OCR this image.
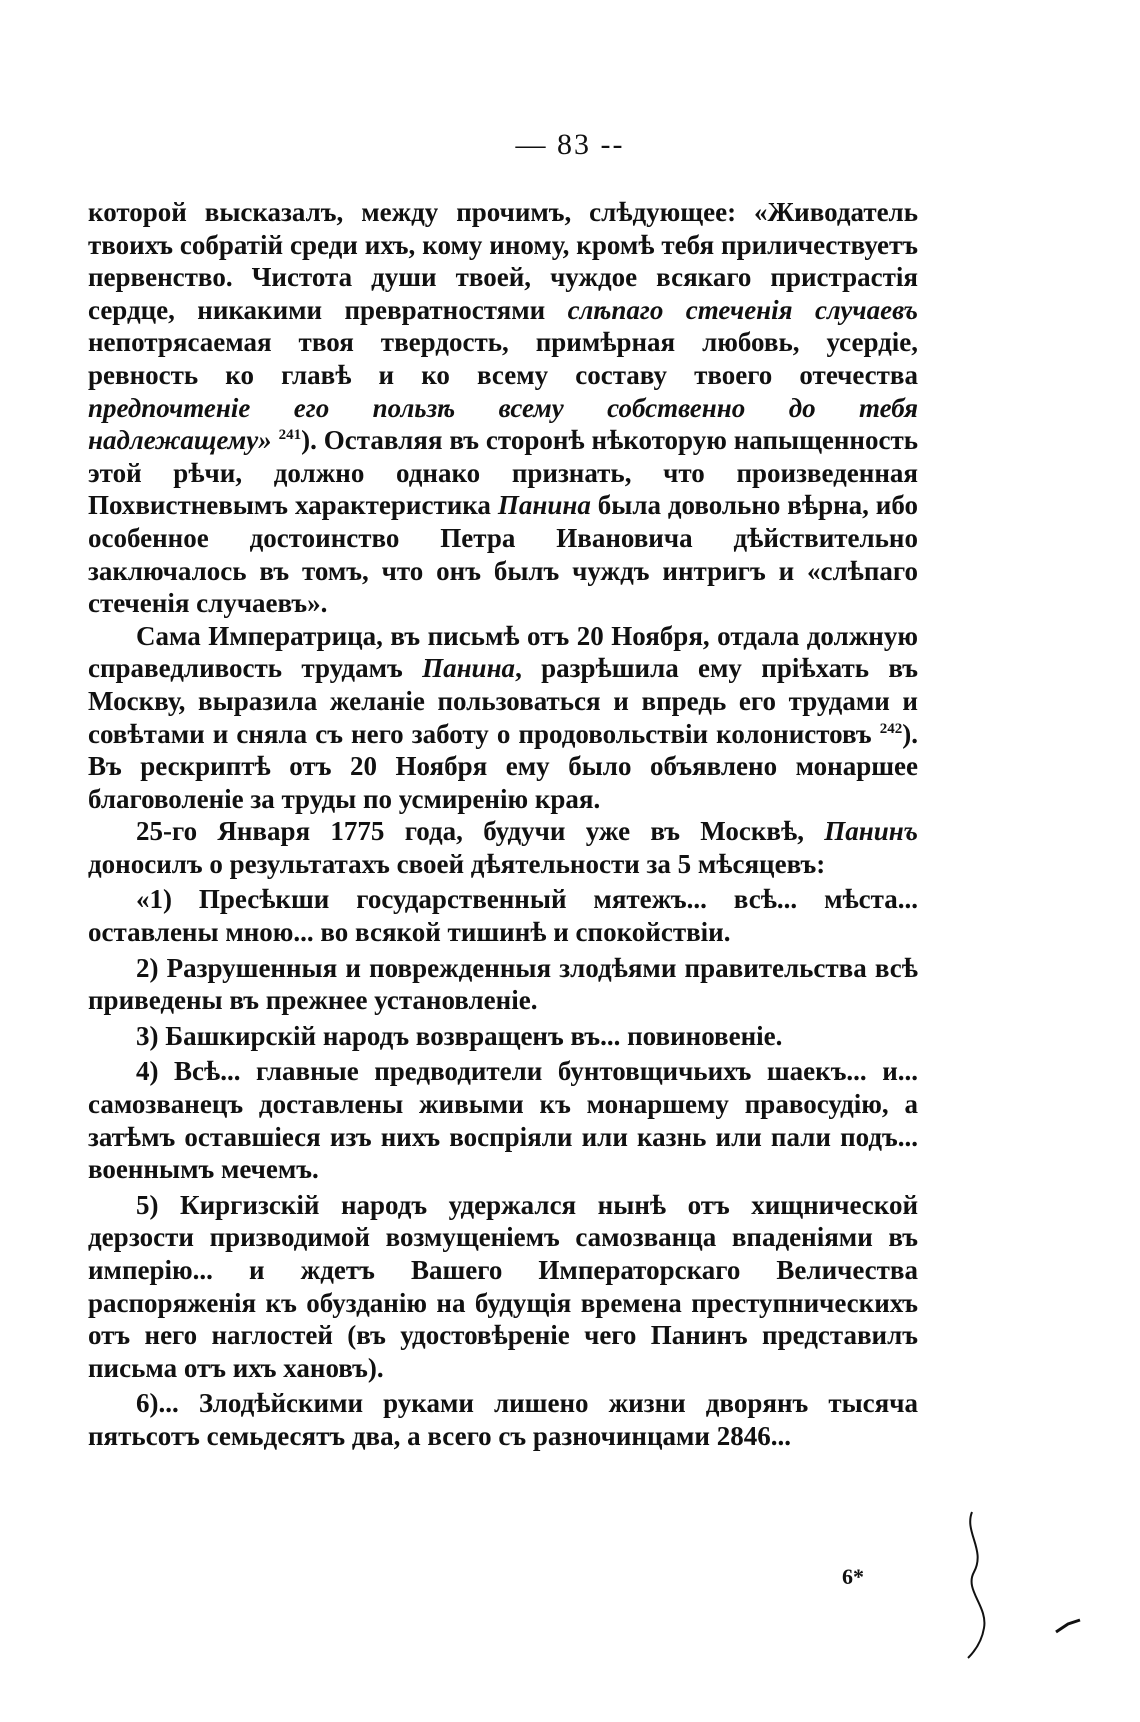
— 83 --

которой высказалъ, между прочимъ, слѣдующее: «Живодатель твоихъ собратій среди ихъ, кому иному, кромѣ тебя приличествуетъ первенство. Чистота души твоей, чуждое всякаго пристрастія сердце, никакими превратностями слѣпаго стеченія случаевъ непотрясаемая твоя твердость, примѣрная любовь, усердіе, ревность ко главѣ и ко всему составу твоего отечества предпочтеніе его пользѣ всему собственно до тебя надлежащему» $^{241}$). Оставляя въ сторонѣ нѣкоторую напыщенность этой рѣчи, должно однако признать, что произведенная Похвистневымъ характеристика Панина была довольно вѣрна, ибо особенное достоинство Петра Ивановича дѣйствительно заключалось въ томъ, что онъ былъ чуждъ интригъ и «слѣпаго стеченія случаевъ».

Сама Императрица, въ письмѣ отъ 20 Ноября, отдала должную справедливость трудамъ Панина, разрѣшила ему пріѣхать въ Москву, выразила желаніе пользоваться и впредь его трудами и совѣтами и сняла съ него заботу о продовольствіи колонистовъ $^{242}$). Въ рескриптѣ отъ 20 Ноября ему было объявлено монаршее благоволеніе за труды по усмиренію края.

25-го Января 1775 года, будучи уже въ Москвѣ, Панинъ доносилъ о результатахъ своей дѣятельности за 5 мѣсяцевъ:

«1) Пресѣкши государственный мятежъ... всѣ... мѣста... оставлены мною... во всякой тишинѣ и спокойствіи.

2) Разрушенныя и поврежденныя злодѣями правительства всѣ приведены въ прежнее установленіе.

3) Башкирскій народъ возвращенъ въ... повиновеніе.

4) Всѣ... главные предводители бунтовщичьихъ шаекъ... и... самозванецъ доставлены живыми къ монаршему правосудію, а затѣмъ оставшіеся изъ нихъ воспріяли или казнь или пали подъ... военнымъ мечемъ.

5) Киргизскій народъ удержался нынѣ отъ хищнической дерзости призводимой возмущеніемъ самозванца впаденіями въ имперію... и ждетъ Вашего Императорскаго Величества распоряженія къ обузданію на будущія времена преступническихъ отъ него наглостей (въ удостовѣреніе чего Панинъ представилъ письма отъ ихъ хановъ).

6)... Злодѣйскими руками лишено жизни дворянъ тысяча пятьсотъ семьдесятъ два, а всего съ разночинцами 2846...

6*
